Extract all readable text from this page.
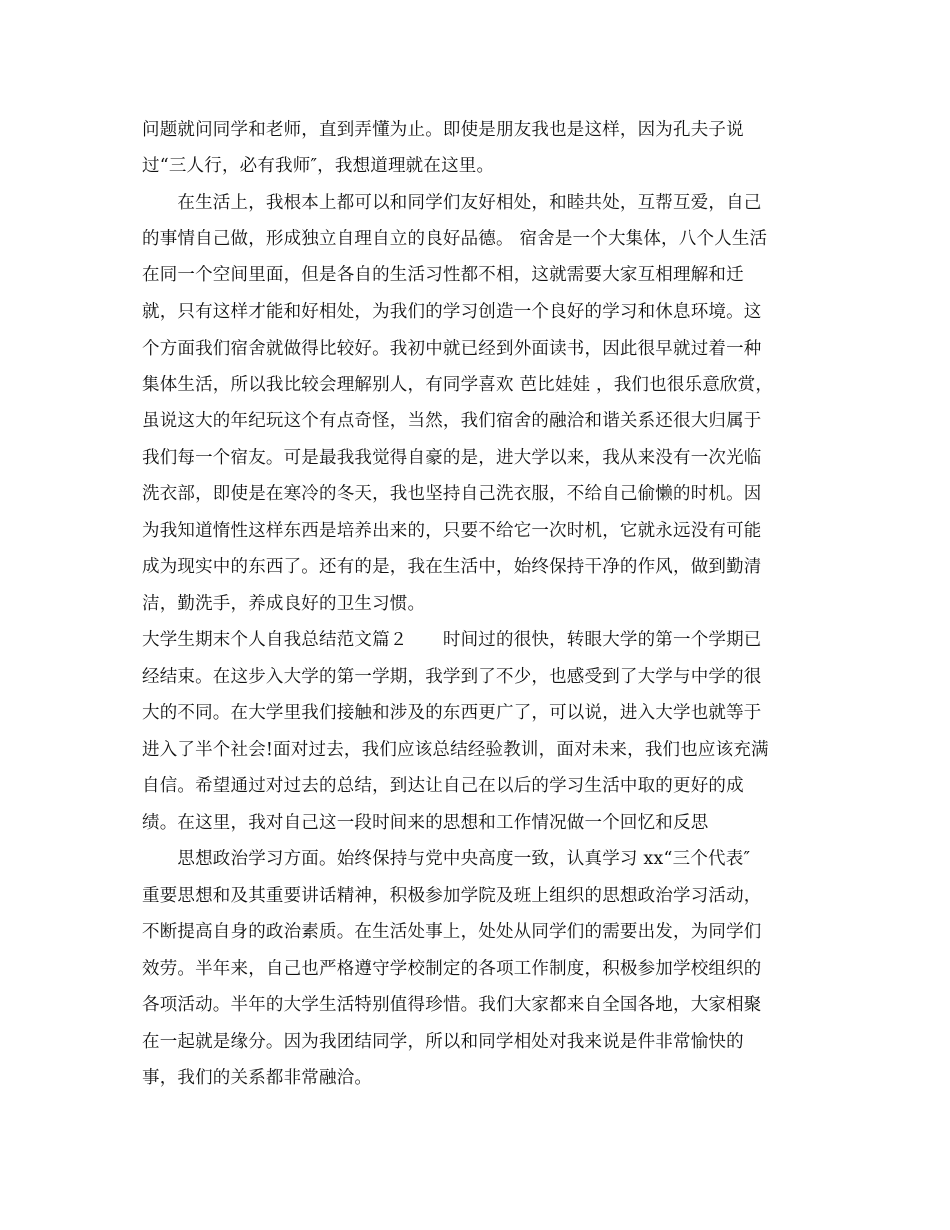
问题就问同学和老师，直到弄懂为止。即使是朋友我也是这样，因为孔夫子说
过“三人行，必有我师″，我想道理就在这里。
　　在生活上，我根本上都可以和同学们友好相处，和睦共处，互帮互爱，自己
的事情自己做，形成独立自理自立的良好品德。 宿舍是一个大集体，八个人生活
在同一个空间里面，但是各自的生活习性都不相，这就需要大家互相理解和迁
就，只有这样才能和好相处，为我们的学习创造一个良好的学习和休息环境。这
个方面我们宿舍就做得比较好。我初中就已经到外面读书，因此很早就过着一种
集体生活，所以我比较会理解别人，有同学喜欢 芭比娃娃 ，我们也很乐意欣赏，
虽说这大的年纪玩这个有点奇怪，当然，我们宿舍的融洽和谐关系还很大归属于
我们每一个宿友。可是最我我觉得自豪的是，进大学以来，我从来没有一次光临
洗衣部，即使是在寒冷的冬天，我也坚持自己洗衣服，不给自己偷懒的时机。因
为我知道惰性这样东西是培养出来的，只要不给它一次时机，它就永远没有可能
成为现实中的东西了。还有的是，我在生活中，始终保持干净的作风，做到勤清
洁，勤洗手，养成良好的卫生习惯。
大学生期末个人自我总结范文篇２　　时间过的很快，转眼大学的第一个学期已
经结束。在这步入大学的第一学期，我学到了不少，也感受到了大学与中学的很
大的不同。在大学里我们接触和涉及的东西更广了，可以说，进入大学也就等于
进入了半个社会!面对过去，我们应该总结经验教训，面对未来，我们也应该充满
自信。希望通过对过去的总结，到达让自己在以后的学习生活中取的更好的成
绩。在这里，我对自己这一段时间来的思想和工作情况做一个回忆和反思
　　思想政治学习方面。始终保持与党中央高度一致，认真学习 xx“三个代表″
重要思想和及其重要讲话精神，积极参加学院及班上组织的思想政治学习活动，
不断提高自身的政治素质。在生活处事上，处处从同学们的需要出发，为同学们
效劳。半年来，自己也严格遵守学校制定的各项工作制度，积极参加学校组织的
各项活动。半年的大学生活特别值得珍惜。我们大家都来自全国各地，大家相聚
在一起就是缘分。因为我团结同学，所以和同学相处对我来说是件非常愉快的
事，我们的关系都非常融洽。
